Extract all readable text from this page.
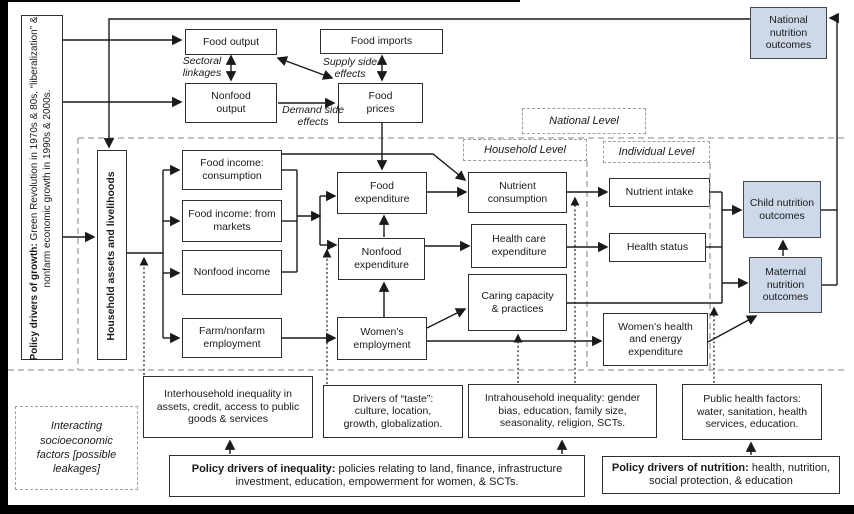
Policy drivers of growth: Green Revolution in 1970s & 80s, “liberalization” & nonfarm economic growth in 1990s & 2000s.	Household assets and livelihoods
Food output	Food imports
Nonfood output
Food prices
National nutrition outcomes
Food income: consumption
Food income: from markets
Nonfood income
Farm/nonfarm employment
Food expenditure
Nonfood expenditure
Women's employment
Nutrient consumption
Health care expenditure
Caring capacity & practices
Nutrient intake
Health status
Women's health and energy expenditure
Child nutrition outcomes
Maternal nutrition outcomes
Interhousehold inequality in assets, credit, access to public goods & services
Drivers of “taste”: culture, location, growth, globalization.
Intrahousehold inequality: gender bias, education, family size, seasonality, religion, SCTs.
Public health factors: water, sanitation, health services, education.
Policy drivers of inequality: policies relating to land, finance, infrastructure investment, education, empowerment for women, & SCTs.
Policy drivers of nutrition: health, nutrition, social protection, & education
National Level
Household Level	Individual Level
Interacting socioeconomic factors [possible leakages]
Sectoral linkages
Supply side effects
Demand side effects
